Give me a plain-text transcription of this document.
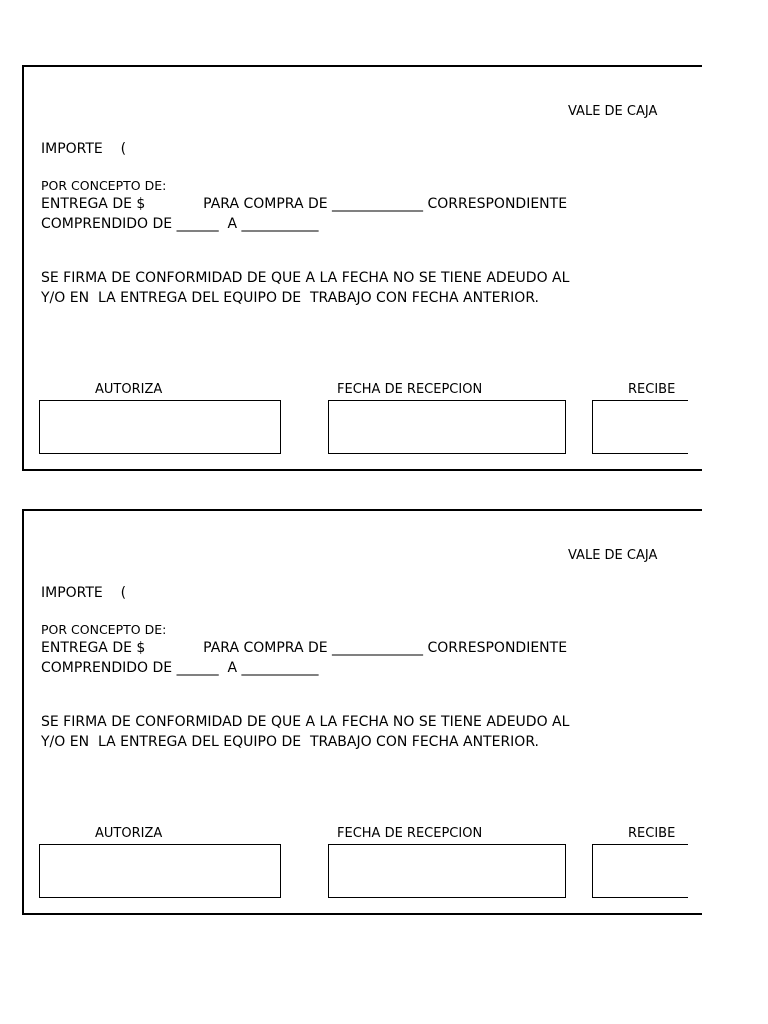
VALE DE CAJA
IMPORTE    (
POR CONCEPTO DE:
ENTREGA DE $             PARA COMPRA DE _____________ CORRESPONDIENTE
COMPRENDIDO DE ______  A ___________
SE FIRMA DE CONFORMIDAD DE QUE A LA FECHA NO SE TIENE ADEUDO AL
Y/O EN  LA ENTREGA DEL EQUIPO DE  TRABAJO CON FECHA ANTERIOR.
AUTORIZA	FECHA DE RECEPCION	RECIBE
VALE DE CAJA
IMPORTE    (
POR CONCEPTO DE:
ENTREGA DE $             PARA COMPRA DE _____________ CORRESPONDIENTE
COMPRENDIDO DE ______  A ___________
SE FIRMA DE CONFORMIDAD DE QUE A LA FECHA NO SE TIENE ADEUDO AL
Y/O EN  LA ENTREGA DEL EQUIPO DE  TRABAJO CON FECHA ANTERIOR.
AUTORIZA	FECHA DE RECEPCION	RECIBE
